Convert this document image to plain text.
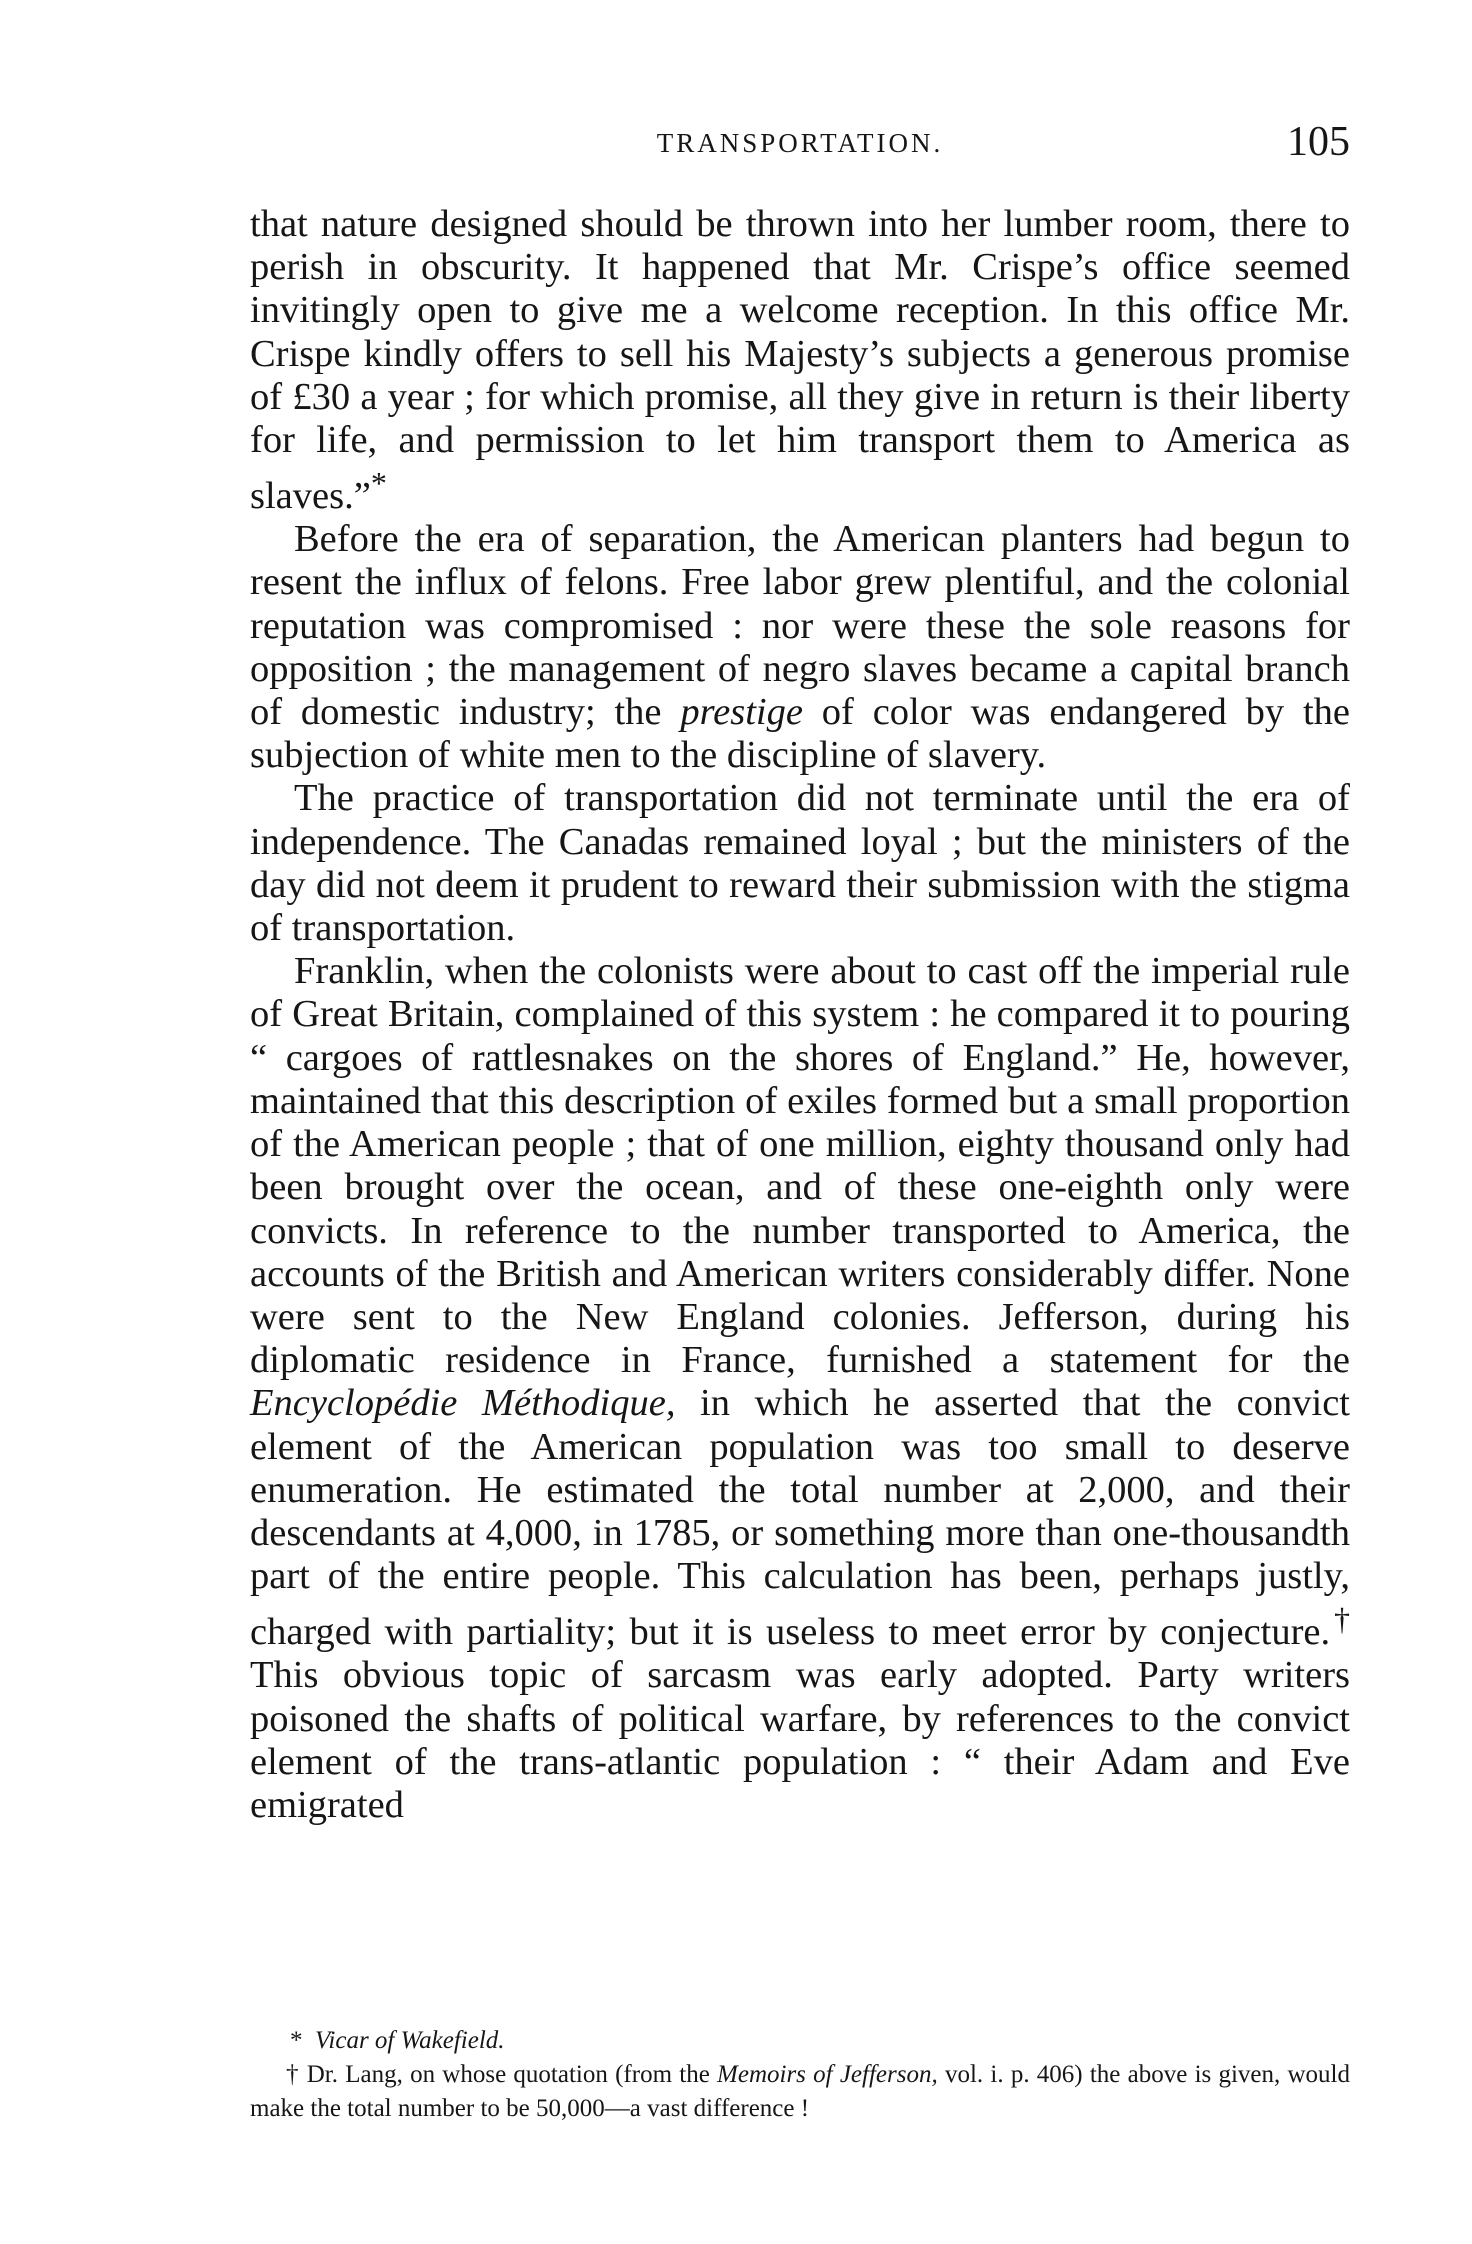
TRANSPORTATION.	105

that nature designed should be thrown into her lumber room, there to perish in obscurity. It happened that Mr. Crispe’s office seemed invitingly open to give me a welcome reception. In this office Mr. Crispe kindly offers to sell his Majesty’s subjects a generous promise of £30 a year ; for which promise, all they give in return is their liberty for life, and permission to let him transport them to America as slaves.”*

Before the era of separation, the American planters had begun to resent the influx of felons. Free labor grew plentiful, and the colonial reputation was compromised : nor were these the sole reasons for opposition ; the management of negro slaves became a capital branch of domestic industry; the prestige of color was endangered by the subjection of white men to the discipline of slavery.

The practice of transportation did not terminate until the era of independence. The Canadas remained loyal ; but the ministers of the day did not deem it prudent to reward their submission with the stigma of transportation.

Franklin, when the colonists were about to cast off the imperial rule of Great Britain, complained of this system : he compared it to pouring “ cargoes of rattlesnakes on the shores of England.” He, however, maintained that this description of exiles formed but a small proportion of the American people ; that of one million, eighty thousand only had been brought over the ocean, and of these one-eighth only were convicts. In reference to the number transported to America, the accounts of the British and American writers considerably differ. None were sent to the New England colonies. Jefferson, during his diplomatic residence in France, furnished a statement for the Encyclopédie Méthodique, in which he asserted that the convict element of the American population was too small to deserve enumeration. He estimated the total number at 2,000, and their descendants at 4,000, in 1785, or something more than one-thousandth part of the entire people. This calculation has been, perhaps justly, charged with partiality; but it is useless to meet error by conjecture.† This obvious topic of sarcasm was early adopted. Party writers poisoned the shafts of political warfare, by references to the convict element of the trans-atlantic population : “ their Adam and Eve emigrated

* Vicar of Wakefield.

† Dr. Lang, on whose quotation (from the Memoirs of Jefferson, vol. i. p. 406) the above is given, would make the total number to be 50,000—a vast difference !
